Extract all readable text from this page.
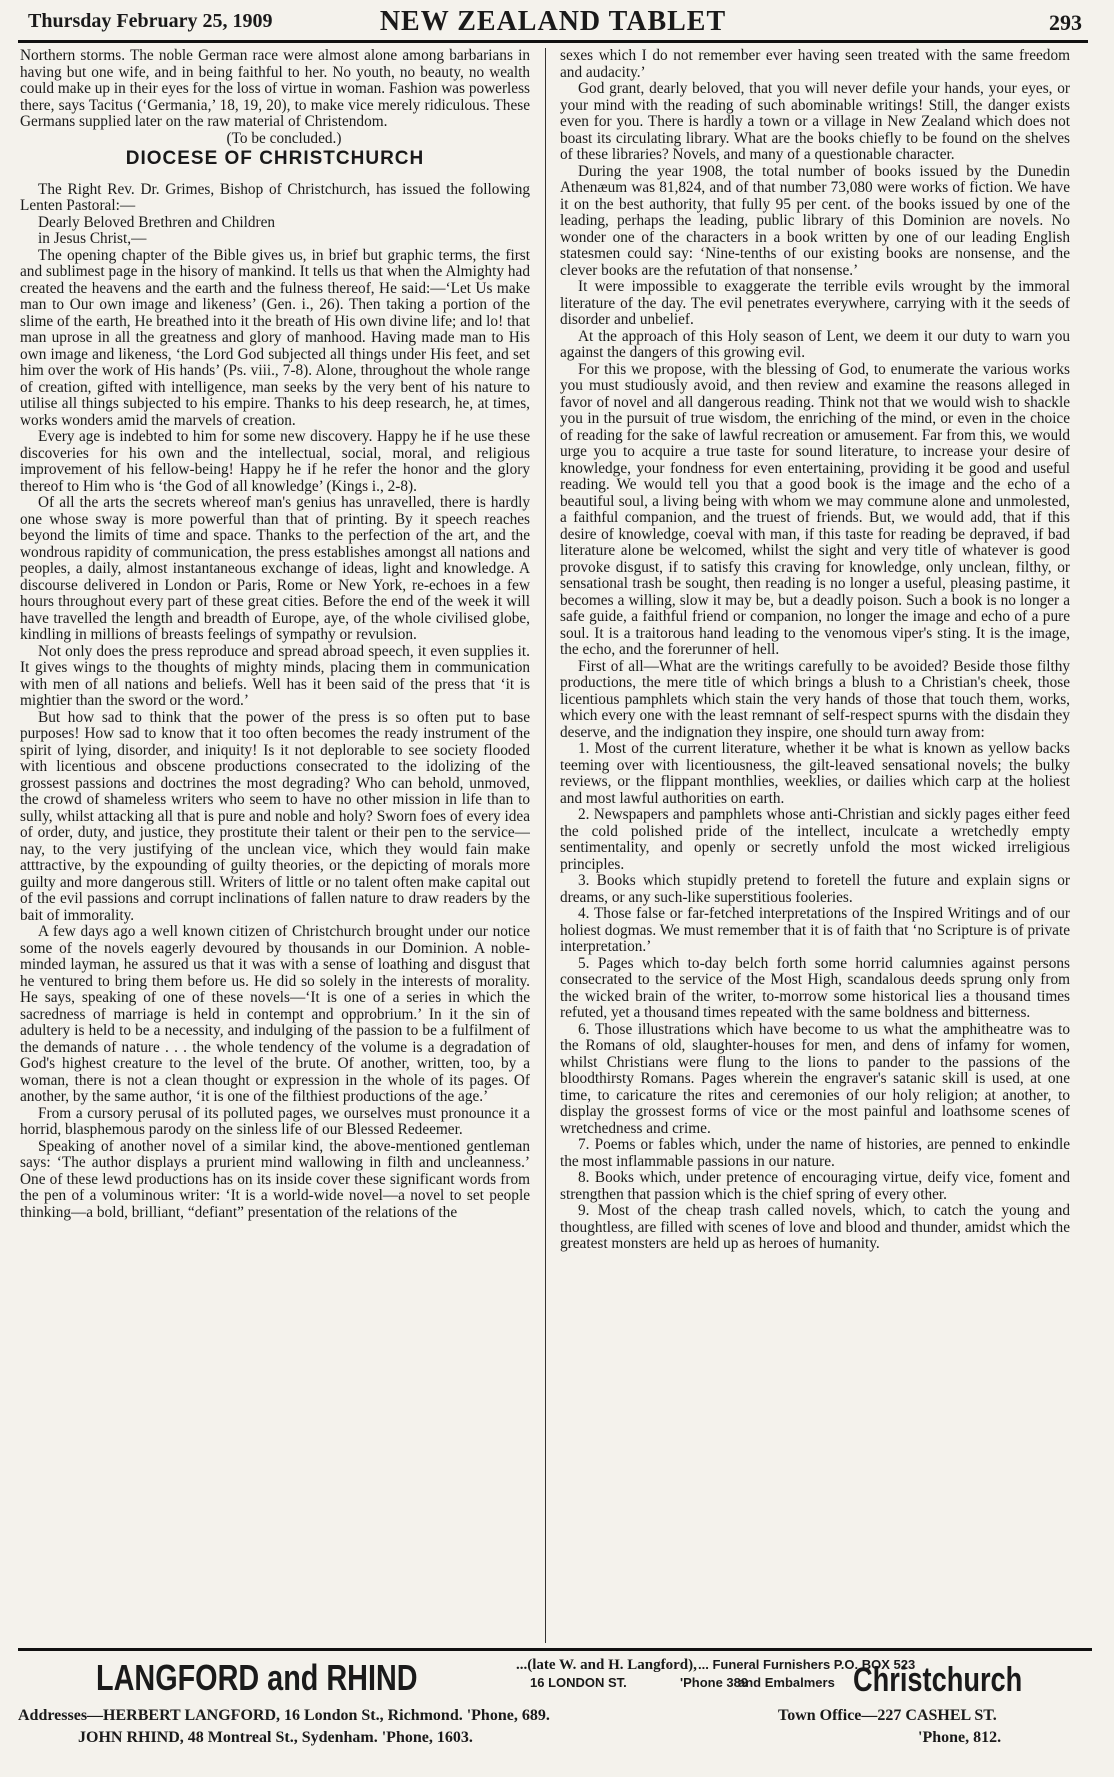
Thursday February 25, 1909	NEW ZEALAND TABLET	293

Northern storms. The noble German race were almost alone among barbarians in having but one wife, and in being faithful to her. No youth, no beauty, no wealth could make up in their eyes for the loss of virtue in woman. Fashion was powerless there, says Tacitus (‘Germania,’ 18, 19, 20), to make vice merely ridiculous. These Germans supplied later on the raw material of Christendom.

(To be concluded.)

DIOCESE OF CHRISTCHURCH

The Right Rev. Dr. Grimes, Bishop of Christchurch, has issued the following Lenten Pastoral:—

Dearly Beloved Brethren and Children

in Jesus Christ,—

The opening chapter of the Bible gives us, in brief but graphic terms, the first and sublimest page in the hisory of mankind. It tells us that when the Almighty had created the heavens and the earth and the fulness thereof, He said:—‘Let Us make man to Our own image and likeness’ (Gen. i., 26). Then taking a portion of the slime of the earth, He breathed into it the breath of His own divine life; and lo! that man uprose in all the greatness and glory of manhood. Having made man to His own image and likeness, ‘the Lord God subjected all things under His feet, and set him over the work of His hands’ (Ps. viii., 7-8). Alone, throughout the whole range of creation, gifted with intelligence, man seeks by the very bent of his nature to utilise all things subjected to his empire. Thanks to his deep research, he, at times, works wonders amid the marvels of creation.

Every age is indebted to him for some new discovery. Happy he if he use these discoveries for his own and the intellectual, social, moral, and religious improvement of his fellow-being! Happy he if he refer the honor and the glory thereof to Him who is ‘the God of all knowledge’ (Kings i., 2-8).

Of all the arts the secrets whereof man's genius has unravelled, there is hardly one whose sway is more powerful than that of printing. By it speech reaches beyond the limits of time and space. Thanks to the perfection of the art, and the wondrous rapidity of communication, the press establishes amongst all nations and peoples, a daily, almost instantaneous exchange of ideas, light and knowledge. A discourse delivered in London or Paris, Rome or New York, re-echoes in a few hours throughout every part of these great cities. Before the end of the week it will have travelled the length and breadth of Europe, aye, of the whole civilised globe, kindling in millions of breasts feelings of sympathy or revulsion.

Not only does the press reproduce and spread abroad speech, it even supplies it. It gives wings to the thoughts of mighty minds, placing them in communication with men of all nations and beliefs. Well has it been said of the press that ‘it is mightier than the sword or the word.’

But how sad to think that the power of the press is so often put to base purposes! How sad to know that it too often becomes the ready instrument of the spirit of lying, disorder, and iniquity! Is it not deplorable to see society flooded with licentious and obscene productions consecrated to the idolizing of the grossest passions and doctrines the most degrading? Who can behold, unmoved, the crowd of shameless writers who seem to have no other mission in life than to sully, whilst attacking all that is pure and noble and holy? Sworn foes of every idea of order, duty, and justice, they prostitute their talent or their pen to the service—nay, to the very justifying of the unclean vice, which they would fain make atttractive, by the expounding of guilty theories, or the depicting of morals more guilty and more dangerous still. Writers of little or no talent often make capital out of the evil passions and corrupt inclinations of fallen nature to draw readers by the bait of immorality.

A few days ago a well known citizen of Christchurch brought under our notice some of the novels eagerly devoured by thousands in our Dominion. A noble-minded layman, he assured us that it was with a sense of loathing and disgust that he ventured to bring them before us. He did so solely in the interests of morality. He says, speaking of one of these novels—‘It is one of a series in which the sacredness of marriage is held in contempt and opprobrium.’ In it the sin of adultery is held to be a necessity, and indulging of the passion to be a fulfilment of the demands of nature . . . the whole tendency of the volume is a degradation of God's highest creature to the level of the brute. Of another, written, too, by a woman, there is not a clean thought or expression in the whole of its pages. Of another, by the same author, ‘it is one of the filthiest productions of the age.’

From a cursory perusal of its polluted pages, we ourselves must pronounce it a horrid, blasphemous parody on the sinless life of our Blessed Redeemer.

Speaking of another novel of a similar kind, the above-mentioned gentleman says: ‘The author displays a prurient mind wallowing in filth and uncleanness.’ One of these lewd productions has on its inside cover these significant words from the pen of a voluminous writer: ‘It is a world-wide novel—a novel to set people thinking—a bold, brilliant, “defiant” presentation of the relations of the

sexes which I do not remember ever having seen treated with the same freedom and audacity.’

God grant, dearly beloved, that you will never defile your hands, your eyes, or your mind with the reading of such abominable writings! Still, the danger exists even for you. There is hardly a town or a village in New Zealand which does not boast its circulating library. What are the books chiefly to be found on the shelves of these libraries? Novels, and many of a questionable character.

During the year 1908, the total number of books issued by the Dunedin Athenæum was 81,824, and of that number 73,080 were works of fiction. We have it on the best authority, that fully 95 per cent. of the books issued by one of the leading, perhaps the leading, public library of this Dominion are novels. No wonder one of the characters in a book written by one of our leading English statesmen could say: ‘Nine-tenths of our existing books are nonsense, and the clever books are the refutation of that nonsense.’

It were impossible to exaggerate the terrible evils wrought by the immoral literature of the day. The evil penetrates everywhere, carrying with it the seeds of disorder and unbelief.

At the approach of this Holy season of Lent, we deem it our duty to warn you against the dangers of this growing evil.

For this we propose, with the blessing of God, to enumerate the various works you must studiously avoid, and then review and examine the reasons alleged in favor of novel and all dangerous reading. Think not that we would wish to shackle you in the pursuit of true wisdom, the enriching of the mind, or even in the choice of reading for the sake of lawful recreation or amusement. Far from this, we would urge you to acquire a true taste for sound literature, to increase your desire of knowledge, your fondness for even entertaining, providing it be good and useful reading. We would tell you that a good book is the image and the echo of a beautiful soul, a living being with whom we may commune alone and unmolested, a faithful companion, and the truest of friends. But, we would add, that if this desire of knowledge, coeval with man, if this taste for reading be depraved, if bad literature alone be welcomed, whilst the sight and very title of whatever is good provoke disgust, if to satisfy this craving for knowledge, only unclean, filthy, or sensational trash be sought, then reading is no longer a useful, pleasing pastime, it becomes a willing, slow it may be, but a deadly poison. Such a book is no longer a safe guide, a faithful friend or companion, no longer the image and echo of a pure soul. It is a traitorous hand leading to the venomous viper's sting. It is the image, the echo, and the forerunner of hell.

First of all—What are the writings carefully to be avoided? Beside those filthy productions, the mere title of which brings a blush to a Christian's cheek, those licentious pamphlets which stain the very hands of those that touch them, works, which every one with the least remnant of self-respect spurns with the disdain they deserve, and the indignation they inspire, one should turn away from:

1. Most of the current literature, whether it be what is known as yellow backs teeming over with licentiousness, the gilt-leaved sensational novels; the bulky reviews, or the flippant monthlies, weeklies, or dailies which carp at the holiest and most lawful authorities on earth.

2. Newspapers and pamphlets whose anti-Christian and sickly pages either feed the cold polished pride of the intellect, inculcate a wretchedly empty sentimentality, and openly or secretly unfold the most wicked irreligious principles.

3. Books which stupidly pretend to foretell the future and explain signs or dreams, or any such-like superstitious fooleries.

4. Those false or far-fetched interpretations of the Inspired Writings and of our holiest dogmas. We must remember that it is of faith that ‘no Scripture is of private interpretation.’

5. Pages which to-day belch forth some horrid calumnies against persons consecrated to the service of the Most High, scandalous deeds sprung only from the wicked brain of the writer, to-morrow some historical lies a thousand times refuted, yet a thousand times repeated with the same boldness and bitterness.

6. Those illustrations which have become to us what the amphitheatre was to the Romans of old, slaughter-houses for men, and dens of infamy for women, whilst Christians were flung to the lions to pander to the passions of the bloodthirsty Romans. Pages wherein the engraver's satanic skill is used, at one time, to caricature the rites and ceremonies of our holy religion; at another, to display the grossest forms of vice or the most painful and loathsome scenes of wretchedness and crime.

7. Poems or fables which, under the name of histories, are penned to enkindle the most inflammable passions in our nature.

8. Books which, under pretence of encouraging virtue, deify vice, foment and strengthen that passion which is the chief spring of every other.

9. Most of the cheap trash called novels, which, to catch the young and thoughtless, are filled with scenes of love and blood and thunder, amidst which the greatest monsters are held up as heroes of humanity.

LANGFORD and RHIND	...(late W. and H. Langford),
16 LONDON ST.	'Phone 389
... Funeral Furnishers P.O. BOX 523
and Embalmers Christchurch
Addresses—HERBERT LANGFORD, 16 London St., Richmond. 'Phone, 689.	Town Office—227 CASHEL ST.
JOHN RHIND, 48 Montreal St., Sydenham. 'Phone, 1603.	'Phone, 812.
